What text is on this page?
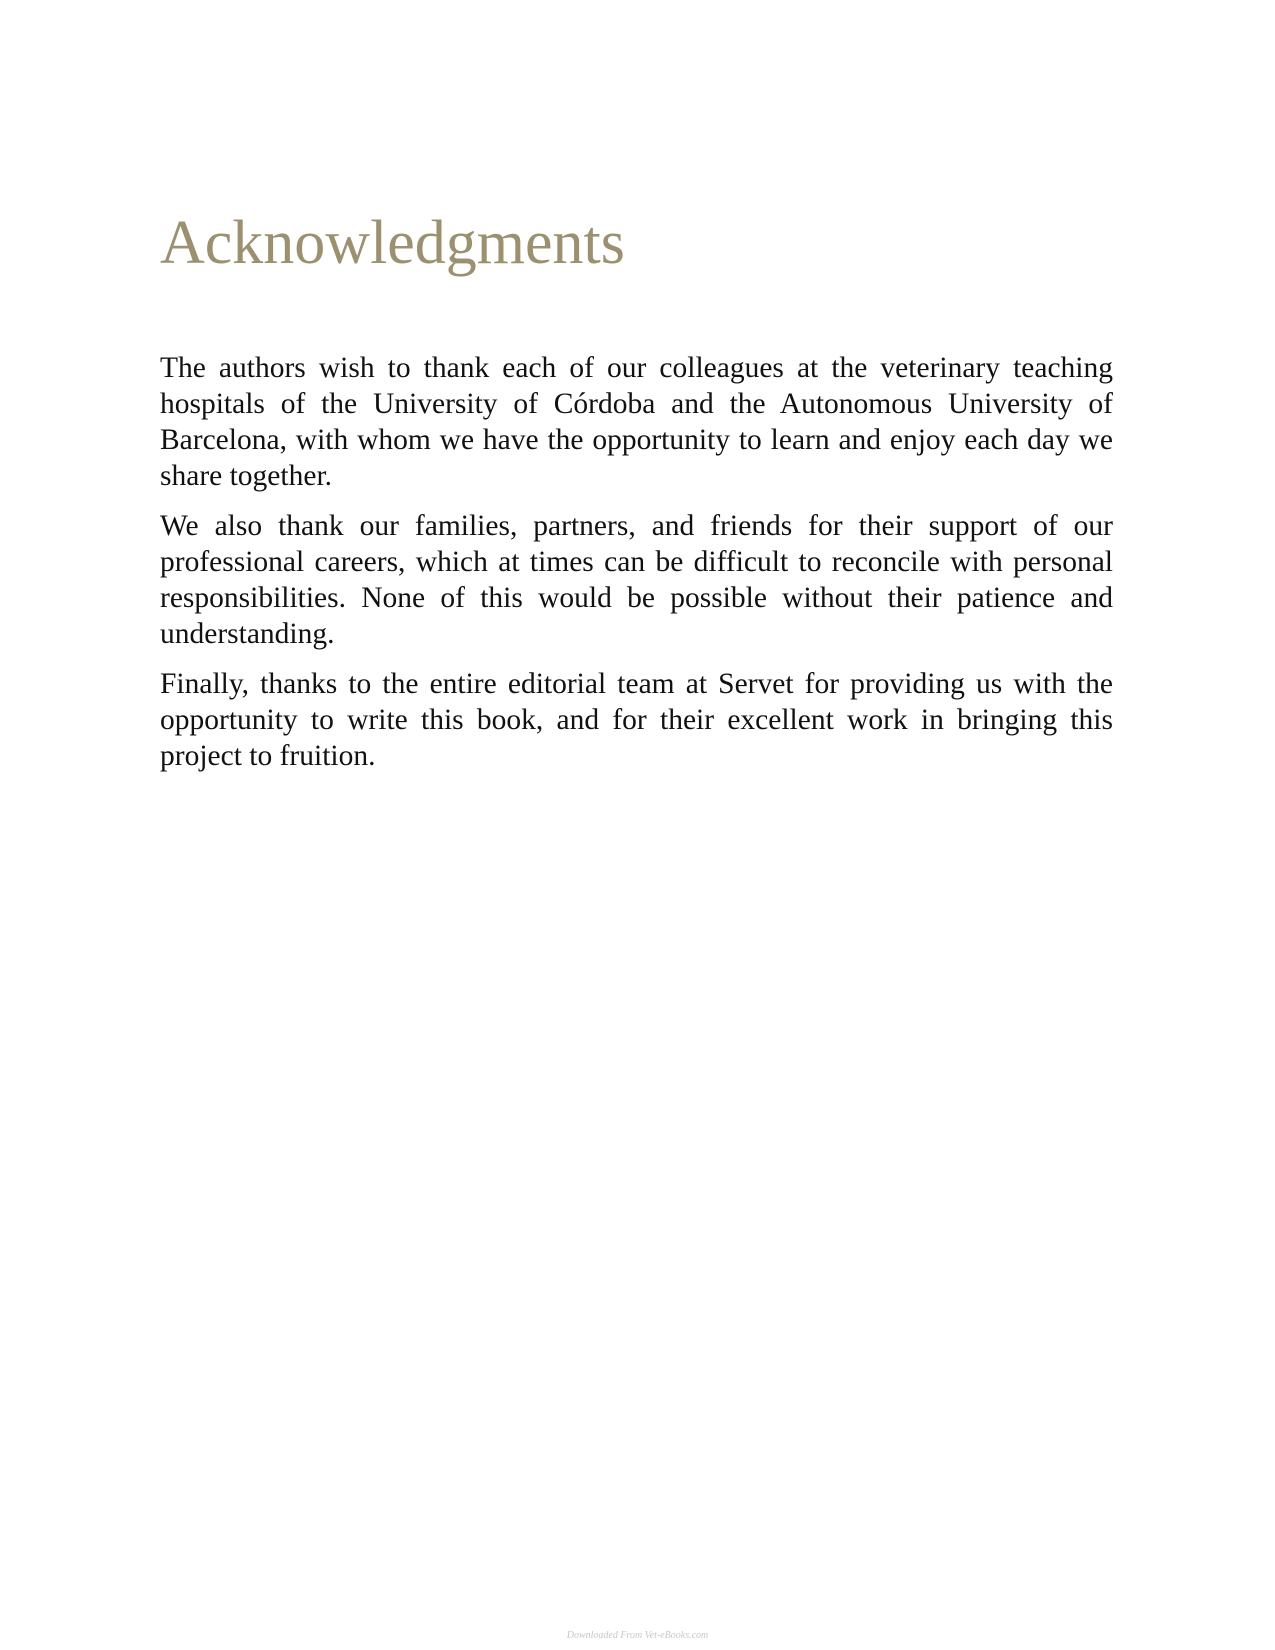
Acknowledgments

The authors wish to thank each of our colleagues at the veterinary teaching hospitals of the University of Córdoba and the Autonomous University of Barcelona, with whom we have the opportunity to learn and enjoy each day we share together.

We also thank our families, partners, and friends for their support of our professional careers, which at times can be difficult to reconcile with personal responsibilities. None of this would be possible without their patience and understanding.

Finally, thanks to the entire editorial team at Servet for providing us with the opportunity to write this book, and for their excellent work in bringing this project to fruition.

Downloaded From Vet-eBooks.com
